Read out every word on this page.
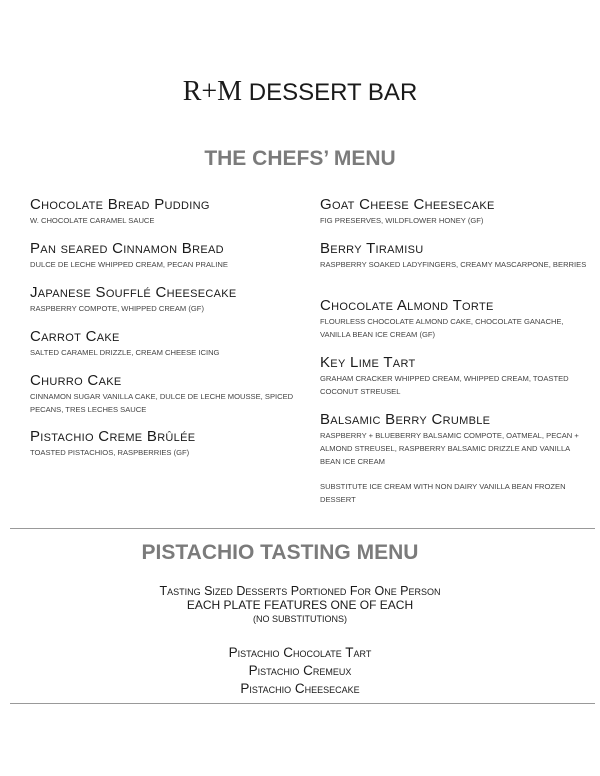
R+M DESSERT BAR
THE CHEFS’ MENU
Chocolate Bread Pudding
W. CHOCOLATE CARAMEL SAUCE
Pan seared Cinnamon Bread
DULCE DE LECHE WHIPPED CREAM, PECAN PRALINE
Japanese Soufflé Cheesecake
RASPBERRY COMPOTE, WHIPPED CREAM (GF)
Carrot Cake
SALTED CARAMEL DRIZZLE, CREAM CHEESE ICING
Churro Cake
CINNAMON SUGAR VANILLA CAKE, DULCE DE LECHE MOUSSE, SPICED PECANS, TRES LECHES SAUCE
Pistachio Creme Brûlée
TOASTED PISTACHIOS, RASPBERRIES (GF)
Goat Cheese Cheesecake
FIG PRESERVES, WILDFLOWER HONEY (GF)
Berry Tiramisu
RASPBERRY SOAKED LADYFINGERS, CREAMY MASCARPONE, BERRIES
Chocolate Almond Torte
FLOURLESS CHOCOLATE ALMOND CAKE, CHOCOLATE GANACHE, VANILLA BEAN ICE CREAM (GF)
Key Lime Tart
GRAHAM CRACKER WHIPPED CREAM, WHIPPED CREAM, TOASTED COCONUT STREUSEL
Balsamic Berry Crumble
RASPBERRY + BLUEBERRY BALSAMIC COMPOTE, OATMEAL, PECAN + ALMOND STREUSEL, RASPBERRY BALSAMIC DRIZZLE AND VANILLA BEAN ICE CREAM
SUBSTITUTE ICE CREAM WITH NON DAIRY VANILLA BEAN FROZEN DESSERT
PISTACHIO TASTING MENU
Tasting Sized Desserts Portioned For One Person
EACH PLATE FEATURES ONE OF EACH
(NO SUBSTITUTIONS)
Pistachio Chocolate Tart
Pistachio Cremeux
Pistachio Cheesecake
